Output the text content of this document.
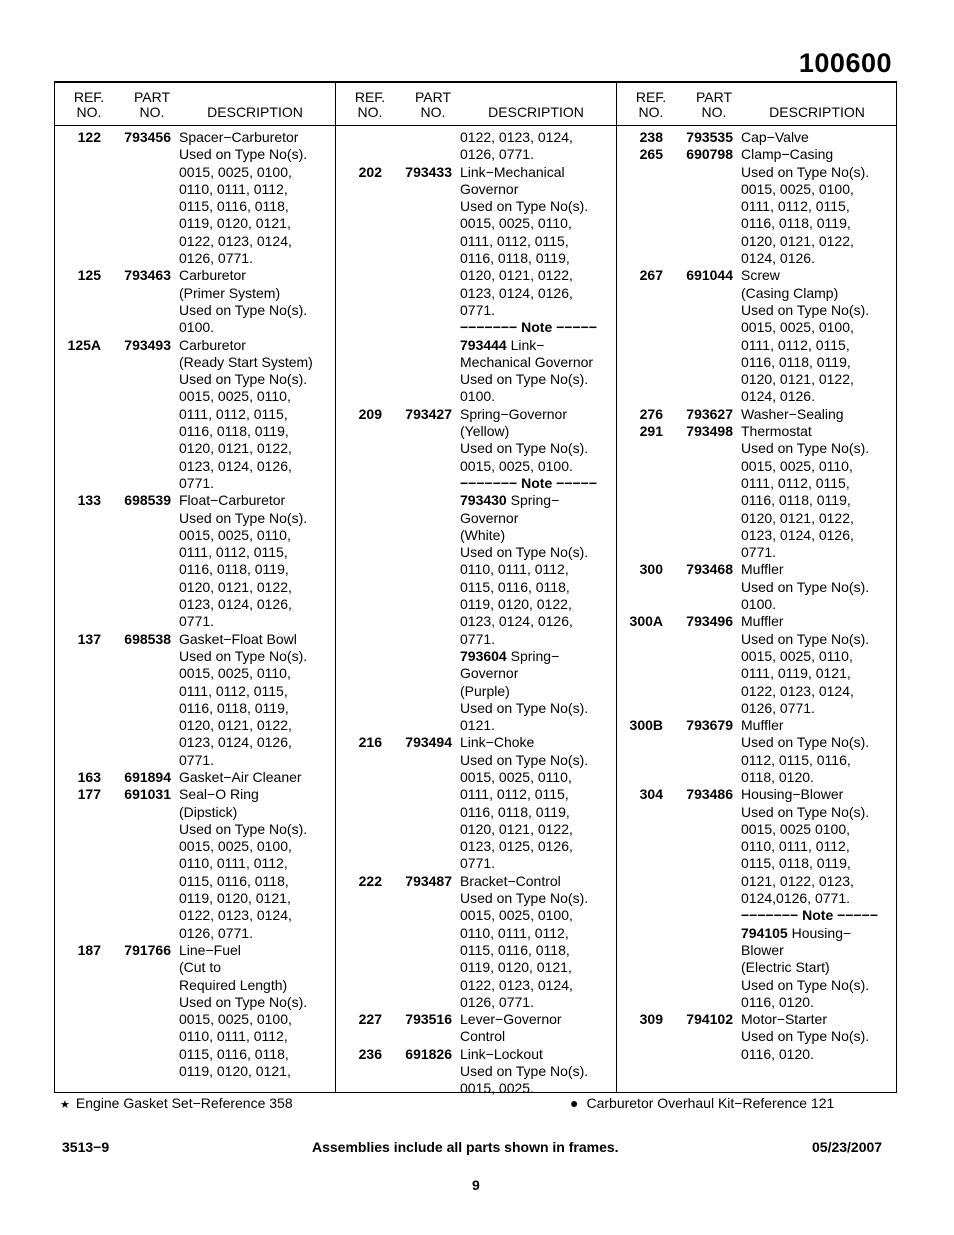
100600
REF.
NO.
PART
NO.	DESCRIPTION
REF.
NO.
PART
NO.	DESCRIPTION
REF.
NO.
PART
NO.	DESCRIPTION
122	793456 Spacer−Carburetor
Used on Type No(s).
0015, 0025, 0100,
0110, 0111, 0112,
0115, 0116, 0118,
0119, 0120, 0121,
0122, 0123, 0124,
0126, 0771.
125	793463 Carburetor
(Primer System)
Used on Type No(s).
0100.
125A	793493 Carburetor
(Ready Start System)
Used on Type No(s).
0015, 0025, 0110,
0111, 0112, 0115,
0116, 0118, 0119,
0120, 0121, 0122,
0123, 0124, 0126,
0771.
133	698539 Float−Carburetor
Used on Type No(s).
0015, 0025, 0110,
0111, 0112, 0115,
0116, 0118, 0119,
0120, 0121, 0122,
0123, 0124, 0126,
0771.
137	698538 Gasket−Float Bowl
Used on Type No(s).
0015, 0025, 0110,
0111, 0112, 0115,
0116, 0118, 0119,
0120, 0121, 0122,
0123, 0124, 0126,
0771.
163	691894 Gasket−Air Cleaner
177	691031 Seal−O Ring
(Dipstick)
Used on Type No(s).
0015, 0025, 0100,
0110, 0111, 0112,
0115, 0116, 0118,
0119, 0120, 0121,
0122, 0123, 0124,
0126, 0771.
187	791766 Line−Fuel
(Cut to
Required Length)
Used on Type No(s).
0015, 0025, 0100,
0110, 0111, 0112,
0115, 0116, 0118,
0119, 0120, 0121,
0122, 0123, 0124,
0126, 0771.
202	793433 Link−Mechanical
Governor
Used on Type No(s).
0015, 0025, 0110,
0111, 0112, 0115,
0116, 0118, 0119,
0120, 0121, 0122,
0123, 0124, 0126,
0771.
−−−−−−− Note −−−−−
793444 Link−
Mechanical Governor
Used on Type No(s).
0100.
209	793427 Spring−Governor
(Yellow)
Used on Type No(s).
0015, 0025, 0100.
−−−−−−− Note −−−−−
793430 Spring−
Governor
(White)
Used on Type No(s).
0110, 0111, 0112,
0115, 0116, 0118,
0119, 0120, 0122,
0123, 0124, 0126,
0771.
793604 Spring−
Governor
(Purple)
Used on Type No(s).
0121.
216	793494 Link−Choke
Used on Type No(s).
0015, 0025, 0110,
0111, 0112, 0115,
0116, 0118, 0119,
0120, 0121, 0122,
0123, 0125, 0126,
0771.
222	793487 Bracket−Control
Used on Type No(s).
0015, 0025, 0100,
0110, 0111, 0112,
0115, 0116, 0118,
0119, 0120, 0121,
0122, 0123, 0124,
0126, 0771.
227	793516 Lever−Governor
Control
236	691826 Link−Lockout
Used on Type No(s).
0015, 0025.
238	793535 Cap−Valve
265	690798 Clamp−Casing
Used on Type No(s).
0015, 0025, 0100,
0111, 0112, 0115,
0116, 0118, 0119,
0120, 0121, 0122,
0124, 0126.
267	691044 Screw
(Casing Clamp)
Used on Type No(s).
0015, 0025, 0100,
0111, 0112, 0115,
0116, 0118, 0119,
0120, 0121, 0122,
0124, 0126.
276	793627 Washer−Sealing
291	793498 Thermostat
Used on Type No(s).
0015, 0025, 0110,
0111, 0112, 0115,
0116, 0118, 0119,
0120, 0121, 0122,
0123, 0124, 0126,
0771.
300	793468 Muffler
Used on Type No(s).
0100.
300A	793496 Muffler
Used on Type No(s).
0015, 0025, 0110,
0111, 0119, 0121,
0122, 0123, 0124,
0126, 0771.
300B	793679 Muffler
Used on Type No(s).
0112, 0115, 0116,
0118, 0120.
304	793486 Housing−Blower
Used on Type No(s).
0015, 0025 0100,
0110, 0111, 0112,
0115, 0118, 0119,
0121, 0122, 0123,
0124,0126, 0771.
−−−−−−− Note −−−−−
794105 Housing−
Blower
(Electric Start)
Used on Type No(s).
0116, 0120.
309	794102 Motor−Starter
Used on Type No(s).
0116, 0120.
★ Engine Gasket Set−Reference 358	● Carburetor Overhaul Kit−Reference 121
3513−9	Assemblies include all parts shown in frames.	05/23/2007
9
